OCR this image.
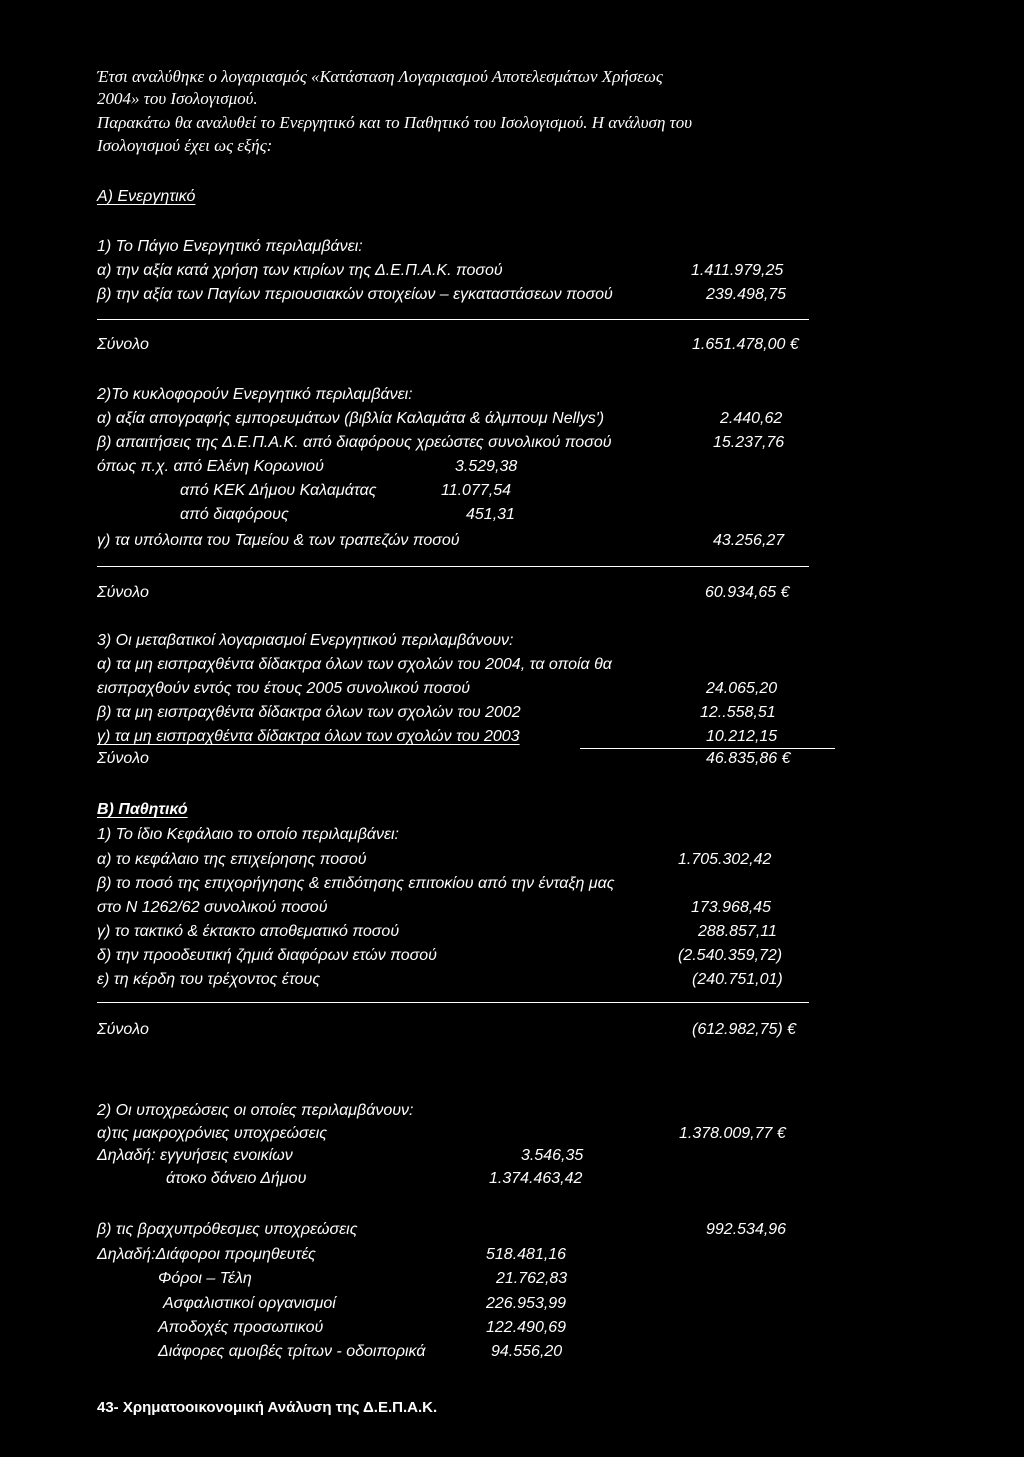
Έτσι αναλύθηκε ο λογαριασμός «Κατάσταση Λογαριασμού Αποτελεσμάτων Χρήσεως
2004» του Ισολογισμού.
Παρακάτω θα αναλυθεί το Ενεργητικό και το Παθητικό του Ισολογισμού. Η ανάλυση του
Ισολογισμού έχει ως εξής:
Α) Ενεργητικό
1) Το Πάγιο Ενεργητικό περιλαμβάνει:
α) την αξία κατά χρήση των κτιρίων της Δ.Ε.Π.Α.Κ. ποσού	1.411.979,25
β) την αξία των Παγίων περιουσιακών στοιχείων – εγκαταστάσεων ποσού	239.498,75
Σύνολο	1.651.478,00 €
2)Το κυκλοφορούν Ενεργητικό περιλαμβάνει:
α) αξία απογραφής εμπορευμάτων (βιβλία Καλαμάτα & άλμπουμ Nellys')	2.440,62
β) απαιτήσεις της Δ.Ε.Π.Α.Κ. από διαφόρους χρεώστες συνολικού ποσού	15.237,76
όπως π.χ. από Ελένη Κορωνιού	3.529,38
από ΚΕΚ Δήμου Καλαμάτας	11.077,54
από διαφόρους	451,31
γ) τα υπόλοιπα του Ταμείου & των τραπεζών ποσού	43.256,27
Σύνολο	60.934,65 €
3) Οι μεταβατικοί λογαριασμοί Ενεργητικού περιλαμβάνουν:
α) τα μη εισπραχθέντα δίδακτρα όλων των σχολών του 2004, τα οποία θα
εισπραχθούν εντός του έτους 2005 συνολικού ποσού	24.065,20
β) τα μη εισπραχθέντα δίδακτρα όλων των σχολών του 2002	12..558,51
γ) τα μη εισπραχθέντα δίδακτρα όλων των σχολών του 2003	10.212,15
Σύνολο	46.835,86 €
Β) Παθητικό
1) Το ίδιο Κεφάλαιο το οποίο περιλαμβάνει:
α) το κεφάλαιο της επιχείρησης ποσού	1.705.302,42
β) το ποσό της επιχορήγησης & επιδότησης επιτοκίου από την ένταξη μας
στο Ν 1262/62 συνολικού ποσού	173.968,45
γ) το τακτικό & έκτακτο αποθεματικό ποσού	288.857,11
δ) την προοδευτική ζημιά διαφόρων ετών ποσού	(2.540.359,72)
ε) τη κέρδη του τρέχοντος έτους	(240.751,01)
Σύνολο	(612.982,75) €
2) Οι υποχρεώσεις οι οποίες περιλαμβάνουν:
α)τις μακροχρόνιες υποχρεώσεις	1.378.009,77 €
Δηλαδή: εγγυήσεις ενοικίων	3.546,35
άτοκο δάνειο Δήμου	1.374.463,42
β) τις βραχυπρόθεσμες υποχρεώσεις	992.534,96
Δηλαδή:Διάφοροι προμηθευτές	518.481,16
Φόροι – Τέλη	21.762,83
Ασφαλιστικοί οργανισμοί	226.953,99
Αποδοχές προσωπικού	122.490,69
Διάφορες αμοιβές τρίτων - οδοιπορικά	94.556,20
43- Χρηματοοικονομική Ανάλυση της Δ.Ε.Π.Α.Κ.
